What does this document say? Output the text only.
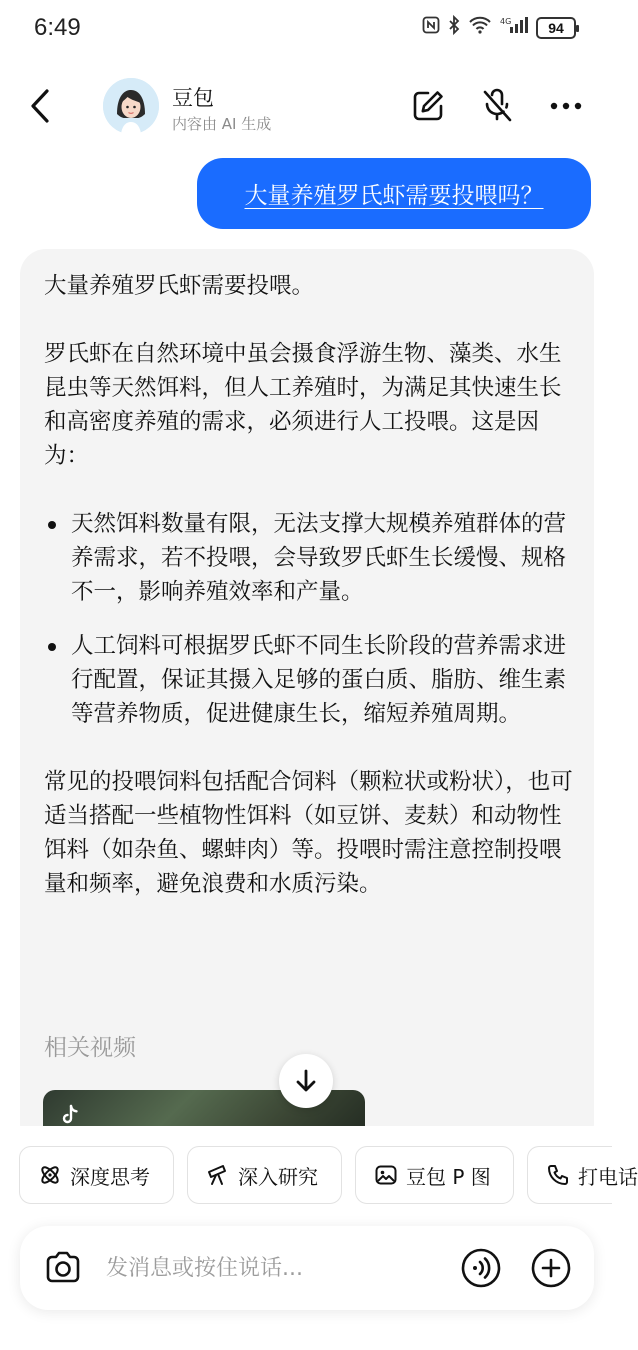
6:49	4G	94
豆包
内容由 AI 生成
大量养殖罗氏虾需要投喂吗？

大量养殖罗氏虾需要投喂。

罗氏虾在自然环境中虽会摄食浮游生物、藻类、水生昆虫等天然饵料，但人工养殖时，为满足其快速生长和高密度养殖的需求，必须进行人工投喂。这是因为：

天然饵料数量有限，无法支撑大规模养殖群体的营养需求，若不投喂，会导致罗氏虾生长缓慢、规格不一，影响养殖效率和产量。
人工饲料可根据罗氏虾不同生长阶段的营养需求进行配置，保证其摄入足够的蛋白质、脂肪、维生素等营养物质，促进健康生长，缩短养殖周期。

常见的投喂饲料包括配合饲料（颗粒状或粉状），也可适当搭配一些植物性饵料（如豆饼、麦麸）和动物性饵料（如杂鱼、螺蚌肉）等。投喂时需注意控制投喂量和频率，避免浪费和水质污染。

相关视频
深度思考	深入研究	豆包 P 图	打电话
发消息或按住说话...
